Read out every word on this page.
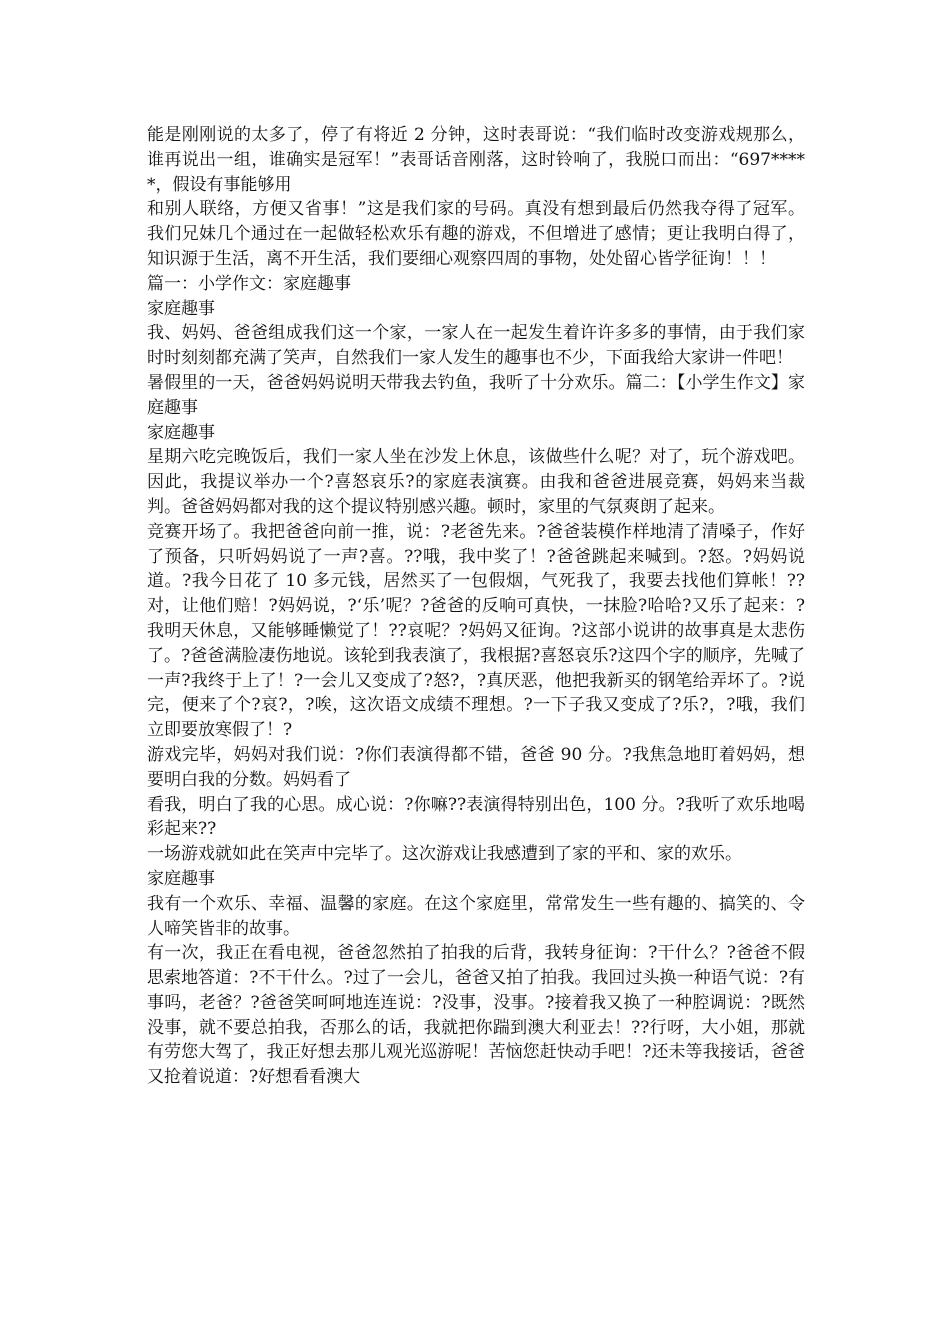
能是刚刚说的太多了，停了有将近 2 分钟，这时表哥说：“我们临时改变游戏规那么，谁再说出一组，谁确实是冠军！”表哥话音刚落，这时铃响了，我脱口而出：“697*****，假设有事能够用

和别人联络，方便又省事！”这是我们家的号码。真没有想到最后仍然我夺得了冠军。 我们兄妹几个通过在一起做轻松欢乐有趣的游戏，不但增进了感情；更让我明白得了，知识源于生活，离不开生活，我们要细心观察四周的事物，处处留心皆学征询！！！

篇一：小学作文：家庭趣事

家庭趣事

我、妈妈、爸爸组成我们这一个家，一家人在一起发生着许许多多的事情，由于我们家时时刻刻都充满了笑声，自然我们一家人发生的趣事也不少，下面我给大家讲一件吧！

暑假里的一天，爸爸妈妈说明天带我去钓鱼，我听了十分欢乐。篇二：【小学生作文】家庭趣事

家庭趣事

星期六吃完晚饭后，我们一家人坐在沙发上休息，该做些什么呢？对了，玩个游戏吧。因此，我提议举办一个?喜怒哀乐?的家庭表演赛。由我和爸爸进展竞赛，妈妈来当裁判。爸爸妈妈都对我的这个提议特别感兴趣。顿时，家里的气氛爽朗了起来。

竞赛开场了。我把爸爸向前一推，说：?老爸先来。?爸爸装模作样地清了清嗓子，作好了预备，只听妈妈说了一声?喜。??哦，我中奖了！?爸爸跳起来喊到。?怒。?妈妈说道。?我今日花了 10 多元钱，居然买了一包假烟，气死我了，我要去找他们算帐！??对，让他们赔！?妈妈说，?‘乐’呢？?爸爸的反响可真快，一抹脸?哈哈?又乐了起来：?我明天休息，又能够睡懒觉了！??哀呢？?妈妈又征询。?这部小说讲的故事真是太悲伤了。?爸爸满脸凄伤地说。该轮到我表演了，我根据?喜怒哀乐?这四个字的顺序，先喊了一声?我终于上了！?一会儿又变成了?怒?，?真厌恶，他把我新买的钢笔给弄坏了。?说完，便来了个?哀?，?唉，这次语文成绩不理想。?一下子我又变成了?乐?，?哦，我们立即要放寒假了！?

游戏完毕，妈妈对我们说：?你们表演得都不错，爸爸 90 分。?我焦急地盯着妈妈，想要明白我的分数。妈妈看了

看我，明白了我的心思。成心说：?你嘛??表演得特别出色，100 分。?我听了欢乐地喝彩起来??

一场游戏就如此在笑声中完毕了。这次游戏让我感遭到了家的平和、家的欢乐。

家庭趣事

我有一个欢乐、幸福、温馨的家庭。在这个家庭里，常常发生一些有趣的、搞笑的、令人啼笑皆非的故事。

有一次，我正在看电视，爸爸忽然拍了拍我的后背，我转身征询：?干什么？?爸爸不假思索地答道：?不干什么。?过了一会儿，爸爸又拍了拍我。我回过头换一种语气说：?有事吗，老爸？?爸爸笑呵呵地连连说：?没事，没事。?接着我又换了一种腔调说：?既然没事，就不要总拍我，否那么的话，我就把你踹到澳大利亚去！??行呀，大小姐，那就有劳您大驾了，我正好想去那儿观光巡游呢！苦恼您赶快动手吧！?还未等我接话，爸爸又抢着说道：?好想看看澳大
